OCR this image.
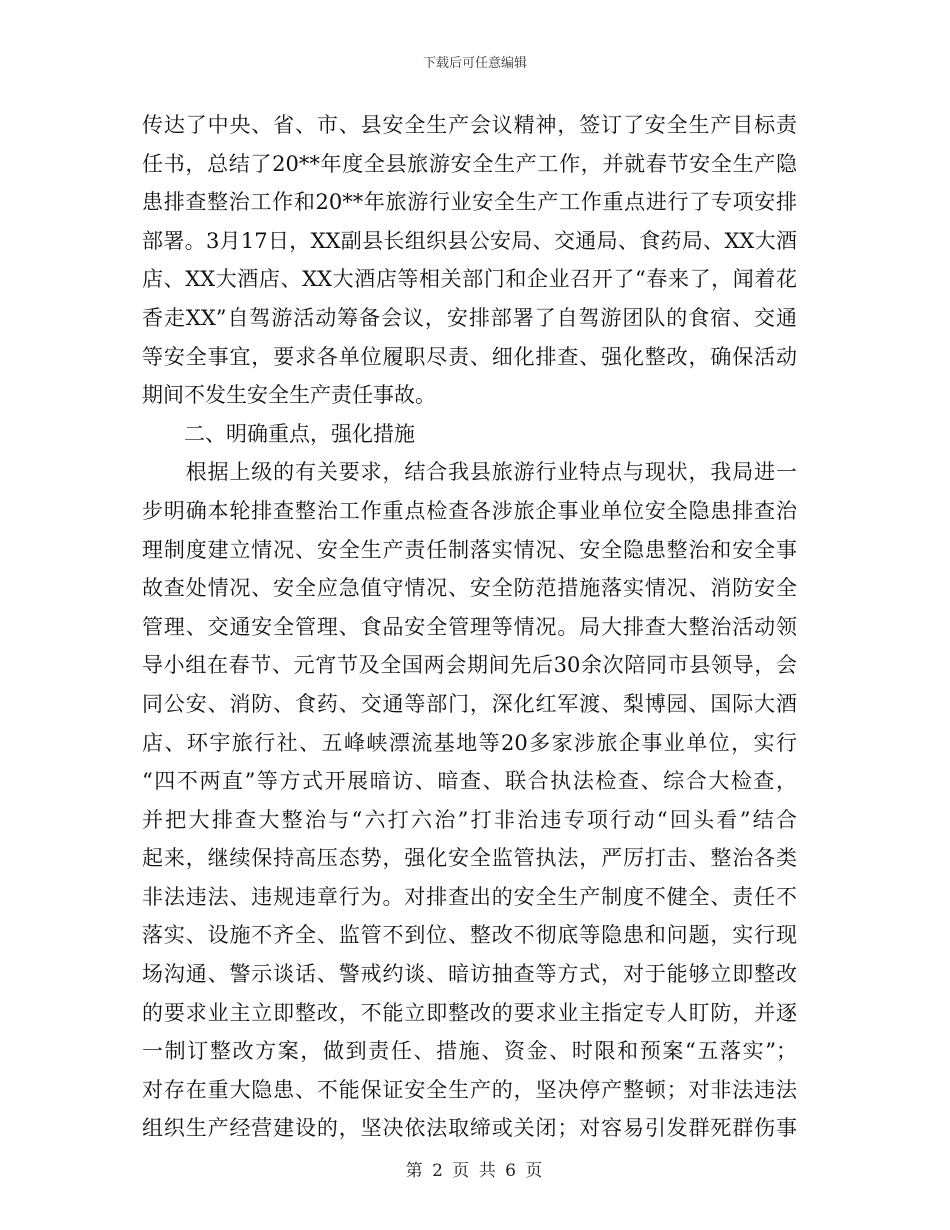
下载后可任意编辑
传达了中央、省、市、县安全生产会议精神，签订了安全生产目标责
任书，总结了20**年度全县旅游安全生产工作，并就春节安全生产隐
患排查整治工作和20**年旅游行业安全生产工作重点进行了专项安排
部署。3月17日，XX副县长组织县公安局、交通局、食药局、XX大酒
店、XX大酒店、XX大酒店等相关部门和企业召开了“春来了，闻着花
香走XX”自驾游活动筹备会议，安排部署了自驾游团队的食宿、交通
等安全事宜，要求各单位履职尽责、细化排查、强化整改，确保活动
期间不发生安全生产责任事故。
二、明确重点，强化措施
　　根据上级的有关要求，结合我县旅游行业特点与现状，我局进一
步明确本轮排查整治工作重点检查各涉旅企事业单位安全隐患排查治
理制度建立情况、安全生产责任制落实情况、安全隐患整治和安全事
故查处情况、安全应急值守情况、安全防范措施落实情况、消防安全
管理、交通安全管理、食品安全管理等情况。局大排查大整治活动领
导小组在春节、元宵节及全国两会期间先后30余次陪同市县领导，会
同公安、消防、食药、交通等部门，深化红军渡、梨博园、国际大酒
店、环宇旅行社、五峰峡漂流基地等20多家涉旅企事业单位，实行
“四不两直”等方式开展暗访、暗查、联合执法检查、综合大检查，
并把大排查大整治与“六打六治”打非治违专项行动“回头看”结合
起来，继续保持高压态势，强化安全监管执法，严厉打击、整治各类
非法违法、违规违章行为。对排查出的安全生产制度不健全、责任不
落实、设施不齐全、监管不到位、整改不彻底等隐患和问题，实行现
场沟通、警示谈话、警戒约谈、暗访抽查等方式，对于能够立即整改
的要求业主立即整改，不能立即整改的要求业主指定专人盯防，并逐
一制订整改方案，做到责任、措施、资金、时限和预案“五落实”；
对存在重大隐患、不能保证安全生产的，坚决停产整顿；对非法违法
组织生产经营建设的，坚决依法取缔或关闭；对容易引发群死群伤事
第 2 页 共 6 页
